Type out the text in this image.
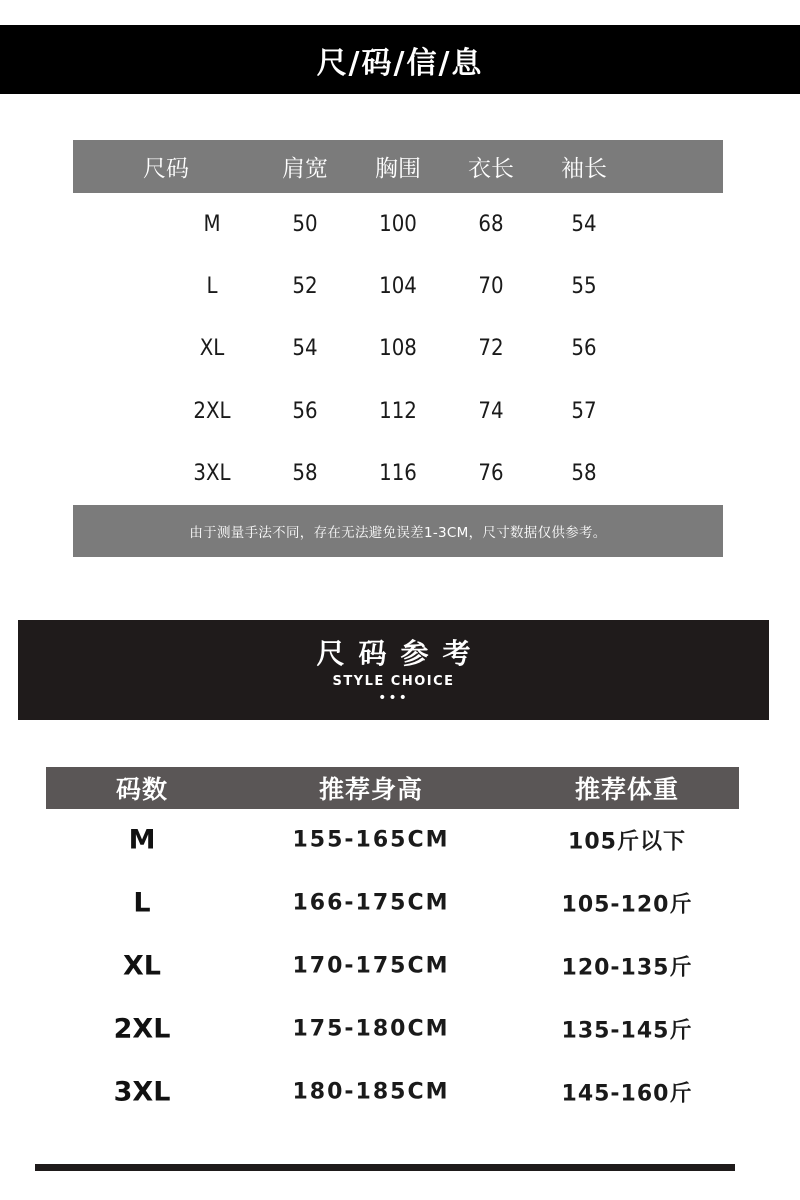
尺/码/信/息
尺码	肩宽	胸围	衣长	袖长
M	50	100	68	54
L	52	104	70	55
XL	54	108	72	56
2XL	56	112	74	57
3XL	58	116	76	58
由于测量手法不同，存在无法避免误差1-3CM，尺寸数据仅供参考。
尺码参考
STYLE CHOICE
•••
码数	推荐身高	推荐体重
M	155-165CM	105斤以下
L	166-175CM	105-120斤
XL	170-175CM	120-135斤
2XL	175-180CM	135-145斤
3XL	180-185CM	145-160斤
